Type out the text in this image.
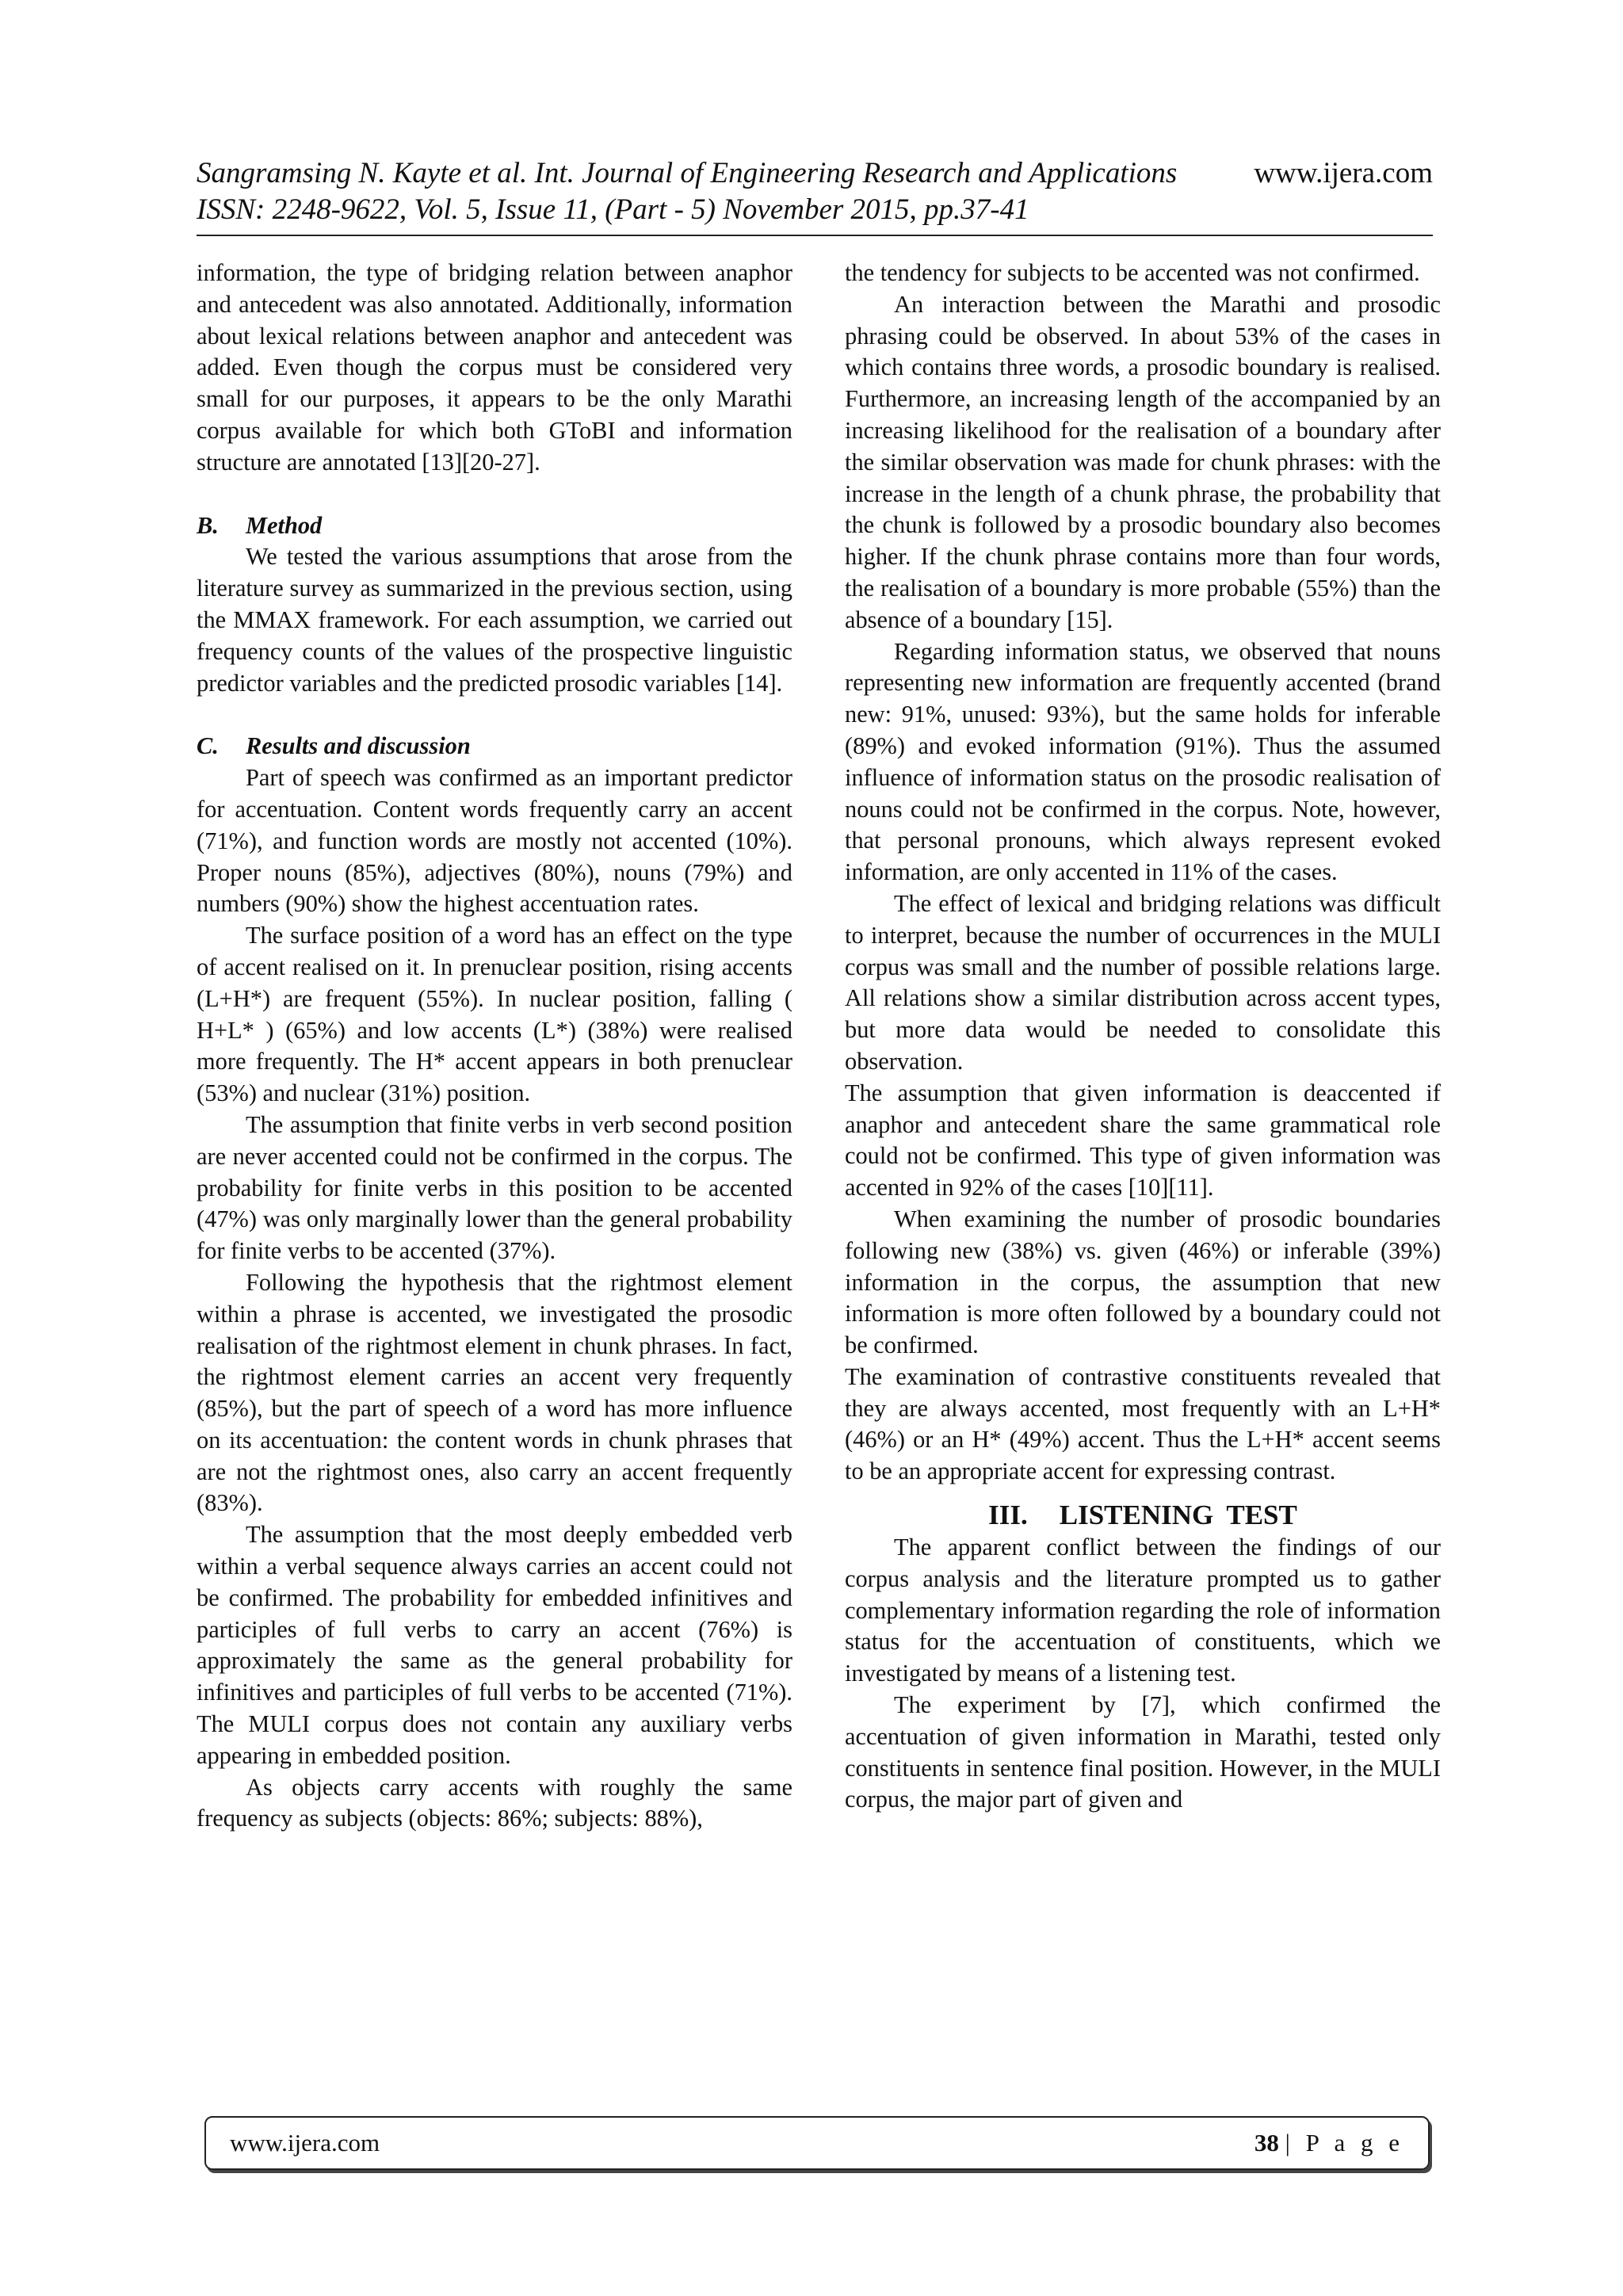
Sangramsing N. Kayte et al. Int. Journal of Engineering Research and Applications	www.ijera.com
ISSN: 2248-9622, Vol. 5, Issue 11, (Part - 5) November 2015, pp.37-41

information, the type of bridging relation between anaphor and antecedent was also annotated. Additionally, information about lexical relations between anaphor and antecedent was added. Even though the corpus must be considered very small for our purposes, it appears to be the only Marathi corpus available for which both GToBI and information structure are annotated [13][20-27].

B. Method

We tested the various assumptions that arose from the literature survey as summarized in the previous section, using the MMAX framework. For each assumption, we carried out frequency counts of the values of the prospective linguistic predictor variables and the predicted prosodic variables [14].

C. Results and discussion

Part of speech was confirmed as an important predictor for accentuation. Content words frequently carry an accent (71%), and function words are mostly not accented (10%). Proper nouns (85%), adjectives (80%), nouns (79%) and numbers (90%) show the highest accentuation rates.

The surface position of a word has an effect on the type of accent realised on it. In prenuclear position, rising accents (L+H*) are frequent (55%). In nuclear position, falling ( H+L* ) (65%) and low accents (L*) (38%) were realised more frequently. The H* accent appears in both prenuclear (53%) and nuclear (31%) position.

The assumption that finite verbs in verb second position are never accented could not be confirmed in the corpus. The probability for finite verbs in this position to be accented (47%) was only marginally lower than the general probability for finite verbs to be accented (37%).

Following the hypothesis that the rightmost element within a phrase is accented, we investigated the prosodic realisation of the rightmost element in chunk phrases. In fact, the rightmost element carries an accent very frequently (85%), but the part of speech of a word has more influence on its accentuation: the content words in chunk phrases that are not the rightmost ones, also carry an accent frequently (83%).

The assumption that the most deeply embedded verb within a verbal sequence always carries an accent could not be confirmed. The probability for embedded infinitives and participles of full verbs to carry an accent (76%) is approximately the same as the general probability for infinitives and participles of full verbs to be accented (71%). The MULI corpus does not contain any auxiliary verbs appearing in embedded position.

As objects carry accents with roughly the same frequency as subjects (objects: 86%; subjects: 88%),

the tendency for subjects to be accented was not confirmed.

An interaction between the Marathi and prosodic phrasing could be observed. In about 53% of the cases in which contains three words, a prosodic boundary is realised. Furthermore, an increasing length of the accompanied by an increasing likelihood for the realisation of a boundary after the similar observation was made for chunk phrases: with the increase in the length of a chunk phrase, the probability that the chunk is followed by a prosodic boundary also becomes higher. If the chunk phrase contains more than four words, the realisation of a boundary is more probable (55%) than the absence of a boundary [15].

Regarding information status, we observed that nouns representing new information are frequently accented (brand new: 91%, unused: 93%), but the same holds for inferable (89%) and evoked information (91%). Thus the assumed influence of information status on the prosodic realisation of nouns could not be confirmed in the corpus. Note, however, that personal pronouns, which always represent evoked information, are only accented in 11% of the cases.

The effect of lexical and bridging relations was difficult to interpret, because the number of occurrences in the MULI corpus was small and the number of possible relations large. All relations show a similar distribution across accent types, but more data would be needed to consolidate this observation.

The assumption that given information is deaccented if anaphor and antecedent share the same grammatical role could not be confirmed. This type of given information was accented in 92% of the cases [10][11].

When examining the number of prosodic boundaries following new (38%) vs. given (46%) or inferable (39%) information in the corpus, the assumption that new information is more often followed by a boundary could not be confirmed.

The examination of contrastive constituents revealed that they are always accented, most frequently with an L+H* (46%) or an H* (49%) accent. Thus the L+H* accent seems to be an appropriate accent for expressing contrast.

III. LISTENING TEST

The apparent conflict between the findings of our corpus analysis and the literature prompted us to gather complementary information regarding the role of information status for the accentuation of constituents, which we investigated by means of a listening test.

The experiment by [7], which confirmed the accentuation of given information in Marathi, tested only constituents in sentence final position. However, in the MULI corpus, the major part of given and

www.ijera.com	38 | P a g e
